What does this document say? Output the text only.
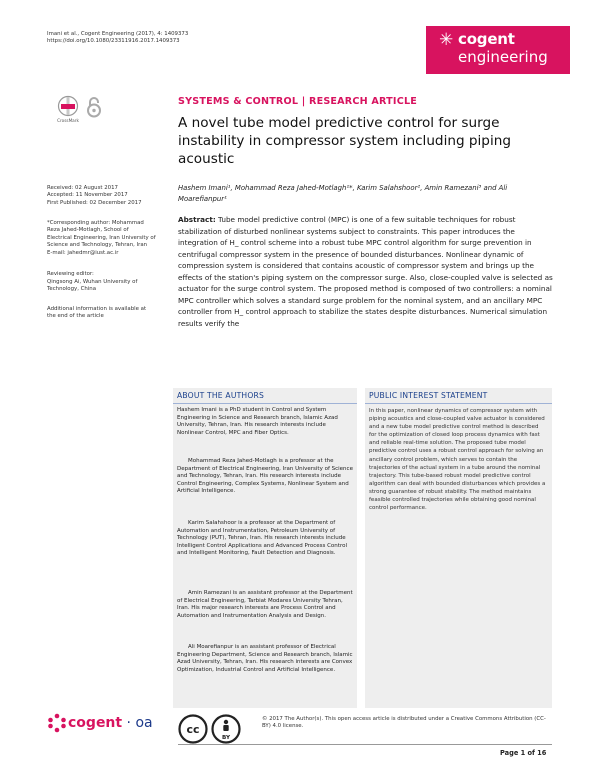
Imani et al., Cogent Engineering (2017), 4: 1409373
https://doi.org/10.1080/23311916.2017.1409373	✳ cogent
engineering
CrossMark
SYSTEMS & CONTROL | RESEARCH ARTICLE
A novel tube model predictive control for surge instability in compressor system including piping acoustic
Hashem Imani¹, Mohammad Reza Jahed-Motlagh¹*, Karim Salahshoor², Amin Ramezani³ and Ali Moarefianpur¹
Received: 02 August 2017
Accepted: 11 November 2017
First Published: 02 December 2017
*Corresponding author: Mohammad
Reza Jahed-Motlagh, School of
Electrical Engineering, Iran University of
Science and Technology, Tehran, Iran
E-mail: jahedmr@iust.ac.ir
Reviewing editor:
Qingsong Ai, Wuhan University of
Technology, China
Additional information is available at
the end of the article
Abstract: Tube model predictive control (MPC) is one of a few suitable techniques for robust stabilization of disturbed nonlinear systems subject to constraints. This paper introduces the integration of H_ control scheme into a robust tube MPC control algorithm for surge prevention in centrifugal compressor system in the presence of bounded disturbances. Nonlinear dynamic of compression system is considered that contains acoustic of compressor system and brings up the effects of the station's piping system on the compressor surge. Also, close-coupled valve is selected as actuator for the surge control system. The proposed method is composed of two controllers: a nominal MPC controller which solves a standard surge problem for the nominal system, and an ancillary MPC controller from H_ control approach to stabilize the states despite disturbances. Numerical simulation results verify the
ABOUT THE AUTHORS

Hashem Imani is a PhD student in Control and System Engineering in Science and Research branch, Islamic Azad University, Tehran, Iran. His research interests include Nonlinear Control, MPC and Fiber Optics.

Mohammad Reza Jahed-Motlagh is a professor at the Department of Electrical Engineering, Iran University of Science and Technology, Tehran, Iran. His research interests include Control Engineering, Complex Systems, Nonlinear System and Artificial Intelligence.

Karim Salahshoor is a professor at the Department of Automation and Instrumentation, Petroleum University of Technology (PUT), Tehran, Iran. His research interests include Intelligent Control Applications and Advanced Process Control and Intelligent Monitoring, Fault Detection and Diagnosis.

Amin Ramezani is an assistant professor at the Department of Electrical Engineering, Tarbiat Modares University Tehran, Iran. His major research interests are Process Control and Automation and Instrumentation Analysis and Design.

Ali Moarefianpur is an assistant professor of Electrical Engineering Department, Science and Research branch, Islamic Azad University, Tehran, Iran. His research interests are Convex Optimization, Industrial Control and Artificial Intelligence.

PUBLIC INTEREST STATEMENT

In this paper, nonlinear dynamics of compressor system with piping acoustics and close-coupled valve actuator is considered and a new tube model predictive control method is described for the optimization of closed loop process dynamics with fast and reliable real-time solution. The proposed tube model predictive control uses a robust control approach for solving an ancillary control problem, which serves to contain the trajectories of the actual system in a tube around the nominal trajectory. This tube-based robust model predictive control algorithm can deal with bounded disturbances which provides a strong guarantee of robust stability. The method maintains feasible controlled trajectories while obtaining good nominal control performance.

cogent · oa	cc
BY
© 2017 The Author(s). This open access article is distributed under a Creative Commons Attribution (CC-BY) 4.0 license.
Page 1 of 16
